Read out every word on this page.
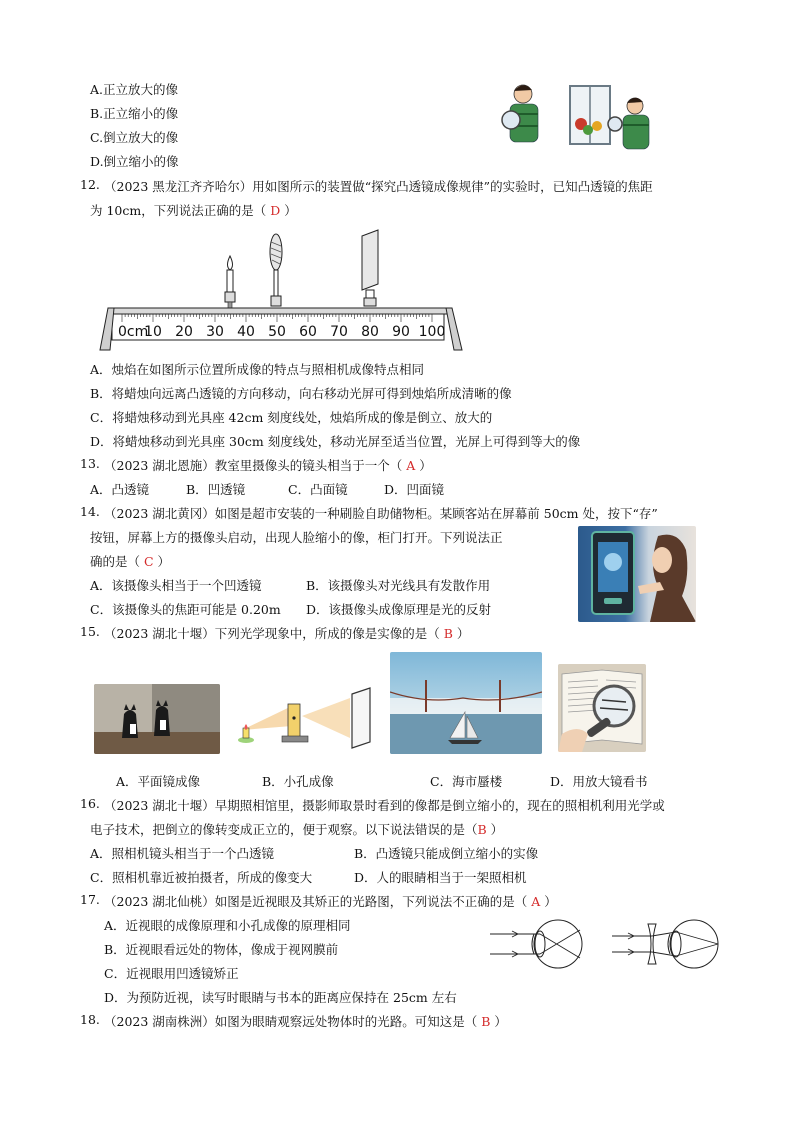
A.正立放大的像
B.正立缩小的像
C.倒立放大的像
D.倒立缩小的像
12. （2023 黑龙江齐齐哈尔）用如图所示的装置做“探究凸透镜成像规律”的实验时，已知凸透镜的焦距
为 10cm，下列说法正确的是（ D ）
0cm
10 20 30 40 50 60 70 80 90 100
A．烛焰在如图所示位置所成像的特点与照相机成像特点相同
B．将蜡烛向远离凸透镜的方向移动，向右移动光屏可得到烛焰所成清晰的像
C．将蜡烛移动到光具座 42cm 刻度线处，烛焰所成的像是倒立、放大的
D．将蜡烛移动到光具座 30cm 刻度线处，移动光屏至适当位置，光屏上可得到等大的像
13. （2023 湖北恩施）教室里摄像头的镜头相当于一个（ A ）
A．凸透镜	B．凹透镜	C．凸面镜	D．凹面镜
14. （2023 湖北黄冈）如图是超市安装的一种刷脸自助储物柜。某顾客站在屏幕前 50cm 处，按下“存”
按钮，屏幕上方的摄像头启动，出现人脸缩小的像，柜门打开。下列说法正
确的是（ C ）
A．该摄像头相当于一个凹透镜	B．该摄像头对光线具有发散作用
C．该摄像头的焦距可能是 0.20m D．该摄像头成像原理是光的反射
15. （2023 湖北十堰）下列光学现象中，所成的像是实像的是（ B ）
A．平面镜成像	B．小孔成像	C．海市蜃楼	D．用放大镜看书
16. （2023 湖北十堰）早期照相馆里，摄影师取景时看到的像都是倒立缩小的，现在的照相机利用光学或
电子技术，把倒立的像转变成正立的，便于观察。以下说法错误的是（B ）
A．照相机镜头相当于一个凸透镜	B．凸透镜只能成倒立缩小的实像
C．照相机靠近被拍摄者，所成的像变大	D．人的眼睛相当于一架照相机
17. （2023 湖北仙桃）如图是近视眼及其矫正的光路图，下列说法不正确的是（ A ）
A．近视眼的成像原理和小孔成像的原理相同
B．近视眼看远处的物体，像成于视网膜前
C．近视眼用凹透镜矫正
D．为预防近视，读写时眼睛与书本的距离应保持在 25cm 左右
18. （2023 湖南株洲）如图为眼睛观察远处物体时的光路。可知这是（ B ）
